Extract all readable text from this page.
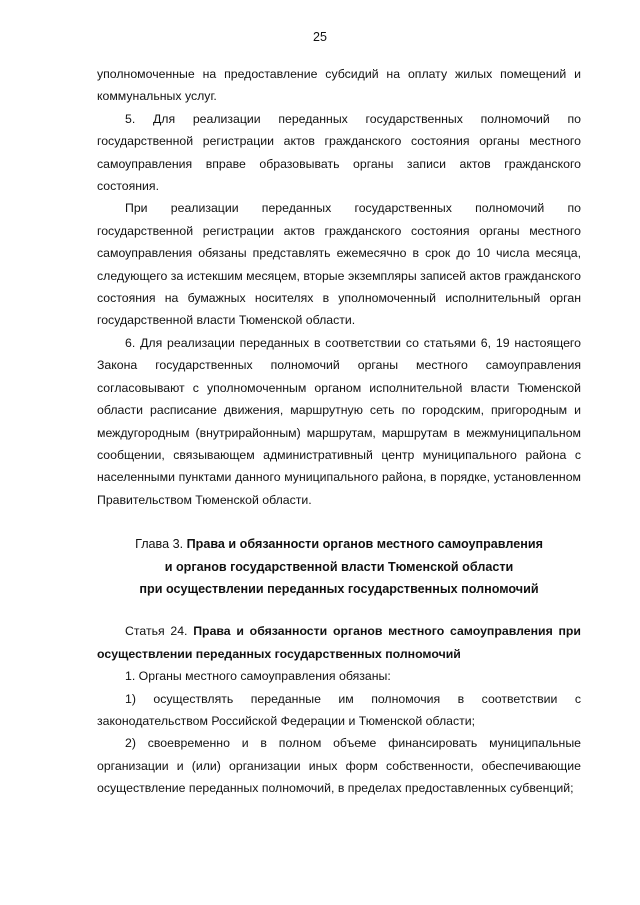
25

уполномоченные на предоставление субсидий на оплату жилых помещений и коммунальных услуг.

5. Для реализации переданных государственных полномочий по государственной регистрации актов гражданского состояния органы местного самоуправления вправе образовывать органы записи актов гражданского состояния.

При реализации переданных государственных полномочий по государственной регистрации актов гражданского состояния органы местного самоуправления обязаны представлять ежемесячно в срок до 10 числа месяца, следующего за истекшим месяцем, вторые экземпляры записей актов гражданского состояния на бумажных носителях в уполномоченный исполнительный орган государственной власти Тюменской области.

6. Для реализации переданных в соответствии со статьями 6, 19 настоящего Закона государственных полномочий органы местного самоуправления согласовывают с уполномоченным органом исполнительной власти Тюменской области расписание движения, маршрутную сеть по городским, пригородным и междугородным (внутрирайонным) маршрутам, маршрутам в межмуниципальном сообщении, связывающем административный центр муниципального района с населенными пунктами данного муниципального района, в порядке, установленном Правительством Тюменской области.

Глава 3. Права и обязанности органов местного самоуправления
и органов государственной власти Тюменской области
при осуществлении переданных государственных полномочий

Статья 24. Права и обязанности органов местного самоуправления при осуществлении переданных государственных полномочий

1. Органы местного самоуправления обязаны:

1) осуществлять переданные им полномочия в соответствии с законодательством Российской Федерации и Тюменской области;

2) своевременно и в полном объеме финансировать муниципальные организации и (или) организации иных форм собственности, обеспечивающие осуществление переданных полномочий, в пределах предоставленных субвенций;
